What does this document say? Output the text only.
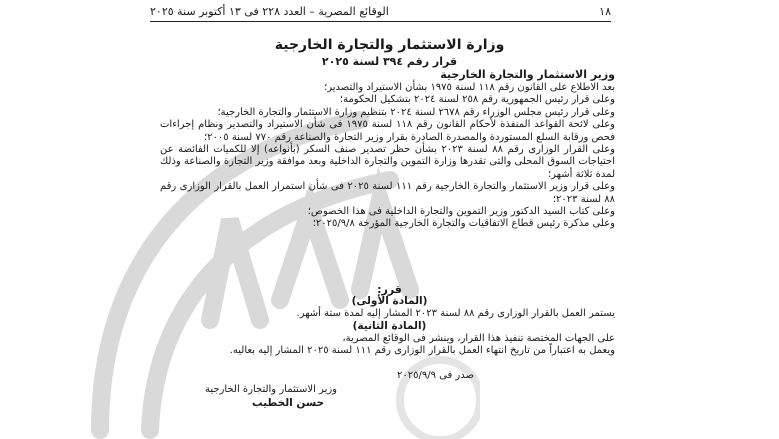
١٨
الوقائع المصرية – العدد ٢٢٨ فى ١٣ أكتوبر سنة ٢٠٢٥
وزارة الاستثمار والتجارة الخارجية
قرار رقم ٣٩٤ لسنة ٢٠٢٥
وزير الاستثمار والتجارة الخارجية

بعد الاطلاع على القانون رقم ١١٨ لسنة ١٩٧٥ بشأن الاستيراد والتصدير؛

وعلى قرار رئيس الجمهورية رقم ٢٥٨ لسنة ٢٠٢٤ بتشكيل الحكومة؛

وعلى قرار رئيس مجلس الوزراء رقم ٢٦٧٨ لسنة ٢٠٢٤ بتنظيم وزارة الاستثمار والتجارة الخارجية؛

وعلى لائحة القواعد المنفذة لأحكام القانون رقم ١١٨ لسنة ١٩٧٥ فى شأن الاستيراد والتصدير ونظام إجراءات فحص ورقابة السلع المستوردة والمصدرة الصادرة بقرار وزير التجارة والصناعة رقم ٧٧٠ لسنة ٢٠٠٥؛

وعلى القرار الوزارى رقم ٨٨ لسنة ٢٠٢٣ بشأن حظر تصدير صنف السكر (بأنواعه) إلا للكميات الفائضة عن احتياجات السوق المحلى والتى تقدرها وزارة التموين والتجارة الداخلية وبعد موافقة وزير التجارة والصناعة وذلك لمدة ثلاثة أشهر؛

وعلى قرار وزير الاستثمار والتجارة الخارجية رقم ١١١ لسنة ٢٠٢٥ فى شأن استمرار العمل بالقرار الوزارى رقم ٨٨ لسنة ٢٠٢٣؛

وعلى كتاب السيد الدكتور وزير التموين والتجارة الداخلية فى هذا الخصوص؛

وعلى مذكرة رئيس قطاع الاتفاقيات والتجارة الخارجية المؤرخة ٢٠٢٥/٩/٨؛

قرر:
(المادة الأولى)
يستمر العمل بالقرار الوزارى رقم ٨٨ لسنة ٢٠٢٣ المشار إليه لمدة ستة أشهر.
(المادة الثانية)

على الجهات المختصة تنفيذ هذا القرار، وينشر فى الوقائع المصرية،

ويعمل به اعتباراً من تاريخ انتهاء العمل بالقرار الوزارى رقم ١١١ لسنة ٢٠٢٥ المشار إليه بعاليه.

صدر فى ٢٠٢٥/٩/٩
وزير الاستثمار والتجارة الخارجية
حسن الخطيب
